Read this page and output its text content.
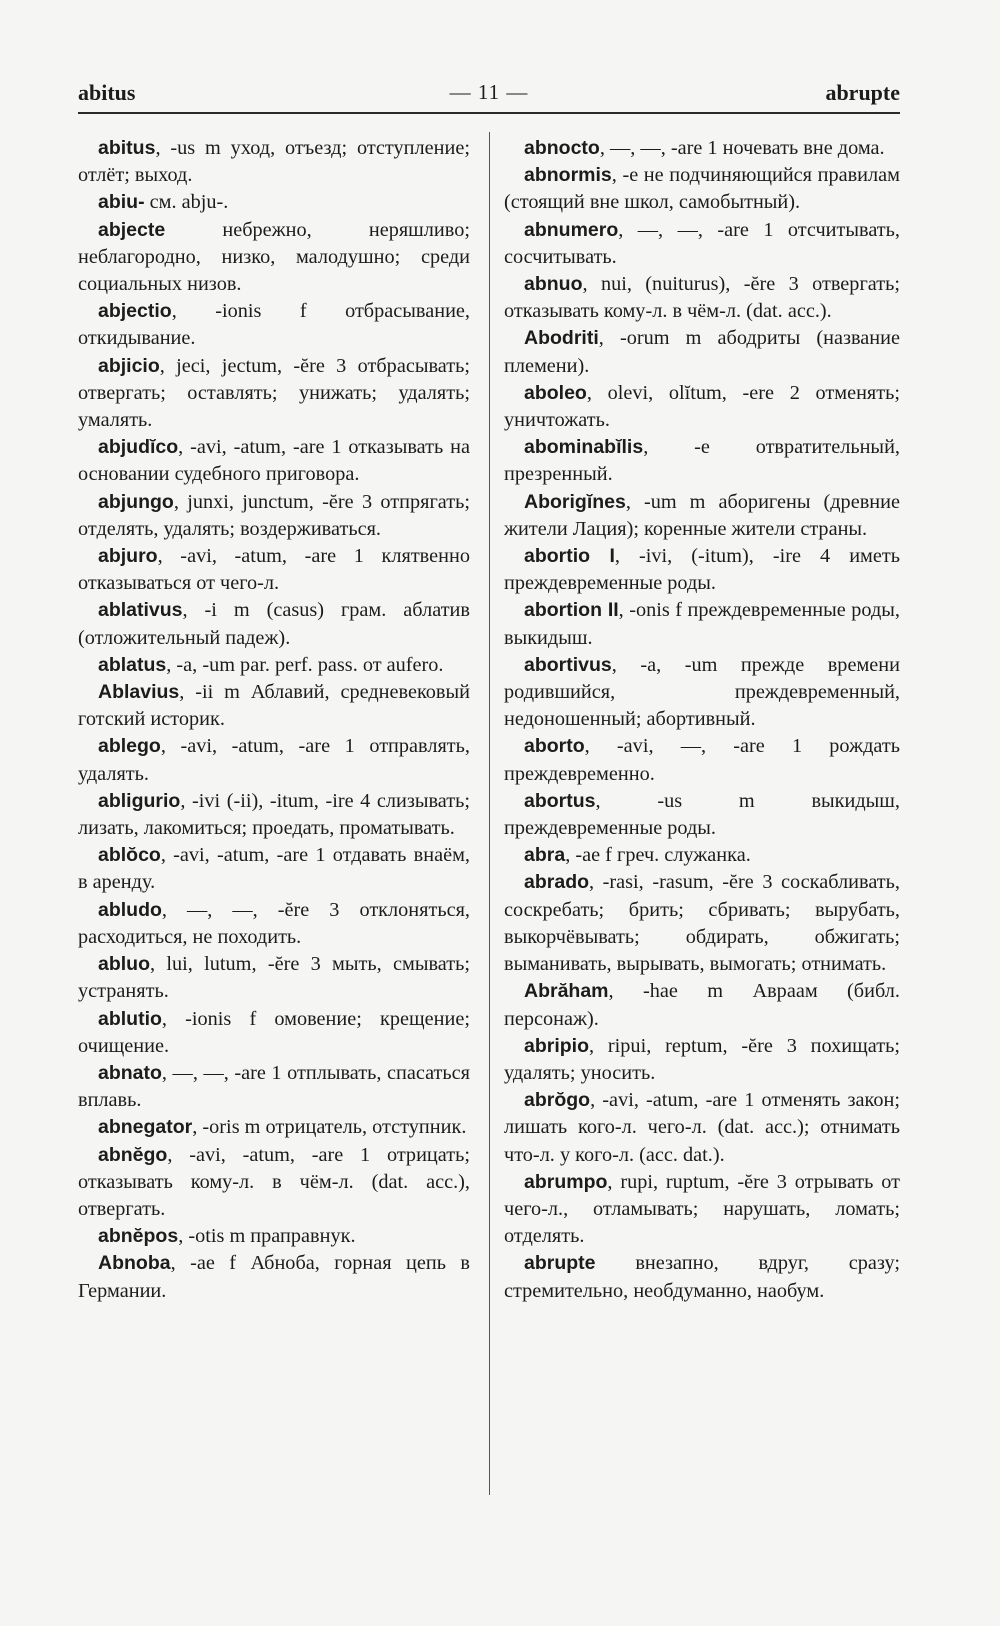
abitus	— 11 —	abrupte

abitus, -us m уход, отъезд; отступление; отлёт; выход.

abiu- см. abju-.

abjecte небрежно, неряшливо; неблагородно, низко, малодушно; среди социальных низов.

abjectio, -ionis f отбрасывание, откидывание.

abjicio, jeci, jectum, -ĕre 3 отбрасывать; отвергать; оставлять; унижать; удалять; умалять.

abjudĭco, -avi, -atum, -are 1 отказывать на основании судебного приговора.

abjungo, junxi, junctum, -ĕre 3 отпрягать; отделять, удалять; воздерживаться.

abjuro, -avi, -atum, -are 1 клятвенно отказываться от чего-л.

ablativus, -i m (casus) грам. аблатив (отложительный падеж).

ablatus, -a, -um par. perf. pass. от aufero.

Ablavius, -ii m Аблавий, средневековый готский историк.

ablego, -avi, -atum, -are 1 отправлять, удалять.

abligurio, -ivi (-ii), -itum, -ire 4 слизывать; лизать, лакомиться; проедать, проматывать.

ablŏco, -avi, -atum, -are 1 отдавать внаём, в аренду.

abludo, —, —, -ĕre 3 отклоняться, расходиться, не походить.

abluo, lui, lutum, -ĕre 3 мыть, смывать; устранять.

ablutio, -ionis f омовение; крещение; очищение.

abnato, —, —, -are 1 отплывать, спасаться вплавь.

abnegator, -oris m отрицатель, отступник.

abnĕgo, -avi, -atum, -are 1 отрицать; отказывать кому-л. в чём-л. (dat. acc.), отвергать.

abnĕpos, -otis m праправнук.

Abnoba, -ae f Абноба, горная цепь в Германии.

abnocto, —, —, -are 1 ночевать вне дома.

abnormis, -e не подчиняющийся правилам (стоящий вне школ, самобытный).

abnumero, —, —, -are 1 отсчитывать, сосчитывать.

abnuo, nui, (nuiturus), -ĕre 3 отвергать; отказывать кому-л. в чём-л. (dat. acc.).

Abodriti, -orum m абодриты (название племени).

aboleo, olevi, olĭtum, -ere 2 отменять; уничтожать.

abominabĭlis, -e отвратительный, презренный.

Aborigĭnes, -um m аборигены (древние жители Лация); коренные жители страны.

abortio I, -ivi, (-itum), -ire 4 иметь преждевременные роды.

abortion II, -onis f преждевременные роды, выкидыш.

abortivus, -a, -um прежде времени родившийся, преждевременный, недоношенный; абортивный.

aborto, -avi, —, -are 1 рождать преждевременно.

abortus, -us m выкидыш, преждевременные роды.

abra, -ae f греч. служанка.

abrado, -rasi, -rasum, -ĕre 3 соскабливать, соскребать; брить; сбривать; вырубать, выкорчёвывать; обдирать, обжигать; выманивать, вырывать, вымогать; отнимать.

Abrăham, -hae m Авраам (библ. персонаж).

abripio, ripui, reptum, -ĕre 3 похищать; удалять; уносить.

abrŏgo, -avi, -atum, -are 1 отменять закон; лишать кого-л. чего-л. (dat. acc.); отнимать что-л. у кого-л. (acc. dat.).

abrumpo, rupi, ruptum, -ĕre 3 отрывать от чего-л., отламывать; нарушать, ломать; отделять.

abrupte внезапно, вдруг, сразу; стремительно, необдуманно, наобум.
